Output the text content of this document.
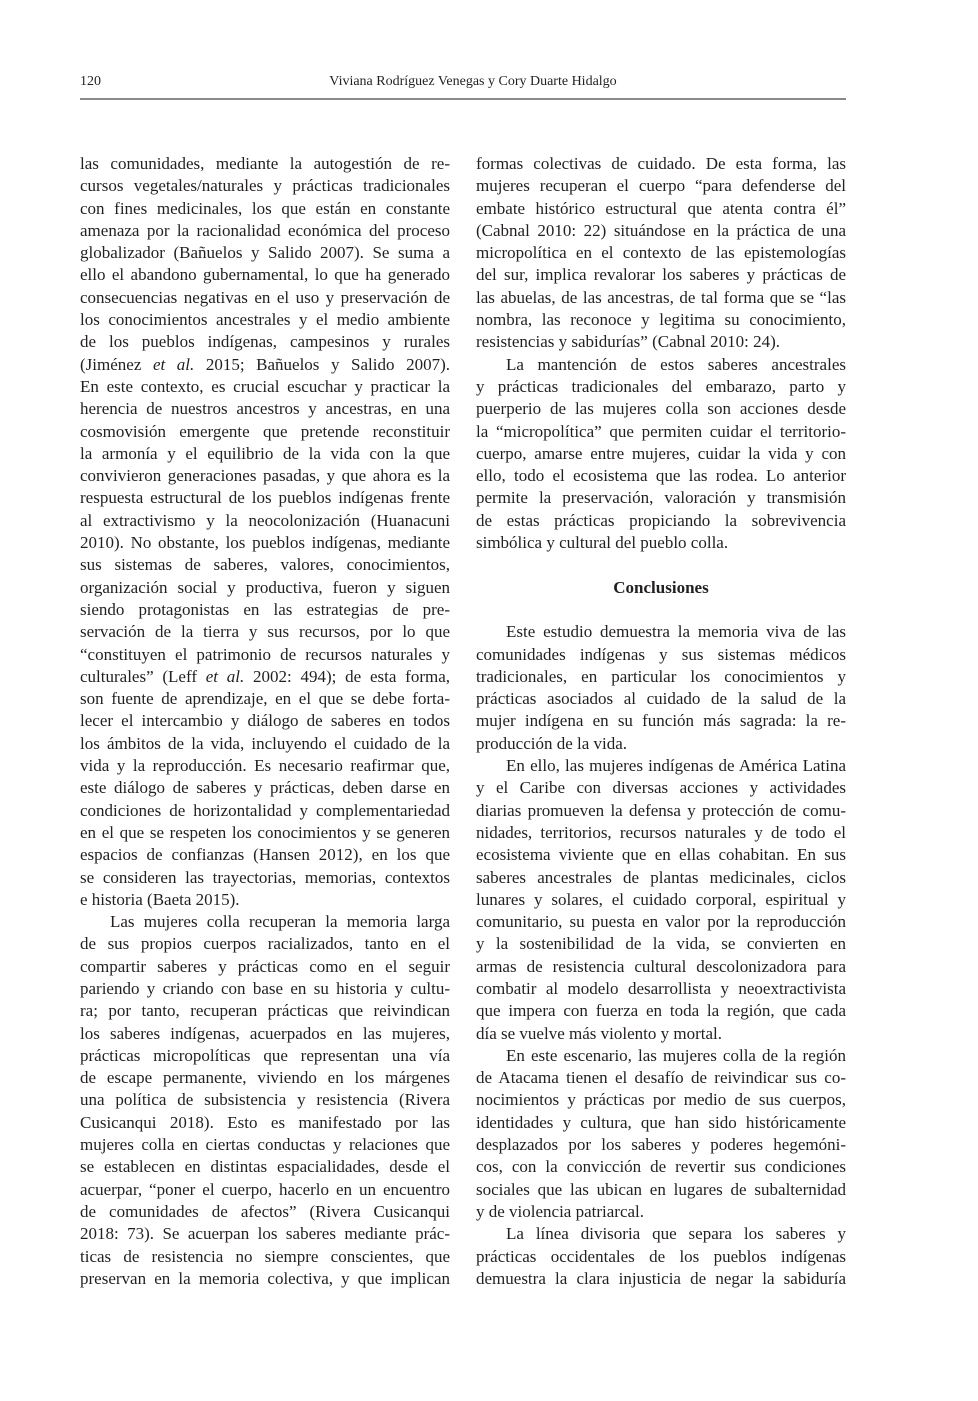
120	Viviana Rodríguez Venegas y Cory Duarte Hidalgo
las comunidades, mediante la autogestión de re-
cursos vegetales/naturales y prácticas tradicionales
con fines medicinales, los que están en constante
amenaza por la racionalidad económica del proceso
globalizador (Bañuelos y Salido 2007). Se suma a
ello el abandono gubernamental, lo que ha generado
consecuencias negativas en el uso y preservación de
los conocimientos ancestrales y el medio ambiente
de los pueblos indígenas, campesinos y rurales
(Jiménez et al. 2015; Bañuelos y Salido 2007).
En este contexto, es crucial escuchar y practicar la
herencia de nuestros ancestros y ancestras, en una
cosmovisión emergente que pretende reconstituir
la armonía y el equilibrio de la vida con la que
convivieron generaciones pasadas, y que ahora es la
respuesta estructural de los pueblos indígenas frente
al extractivismo y la neocolonización (Huanacuni
2010). No obstante, los pueblos indígenas, mediante
sus sistemas de saberes, valores, conocimientos,
organización social y productiva, fueron y siguen
siendo protagonistas en las estrategias de pre-
servación de la tierra y sus recursos, por lo que
“constituyen el patrimonio de recursos naturales y
culturales” (Leff et al. 2002: 494); de esta forma,
son fuente de aprendizaje, en el que se debe forta-
lecer el intercambio y diálogo de saberes en todos
los ámbitos de la vida, incluyendo el cuidado de la
vida y la reproducción. Es necesario reafirmar que,
este diálogo de saberes y prácticas, deben darse en
condiciones de horizontalidad y complementariedad
en el que se respeten los conocimientos y se generen
espacios de confianzas (Hansen 2012), en los que
se consideren las trayectorias, memorias, contextos
e historia (Baeta 2015).
Las mujeres colla recuperan la memoria larga
de sus propios cuerpos racializados, tanto en el
compartir saberes y prácticas como en el seguir
pariendo y criando con base en su historia y cultu-
ra; por tanto, recuperan prácticas que reivindican
los saberes indígenas, acuerpados en las mujeres,
prácticas micropolíticas que representan una vía
de escape permanente, viviendo en los márgenes
una política de subsistencia y resistencia (Rivera
Cusicanqui 2018). Esto es manifestado por las
mujeres colla en ciertas conductas y relaciones que
se establecen en distintas espacialidades, desde el
acuerpar, “poner el cuerpo, hacerlo en un encuentro
de comunidades de afectos” (Rivera Cusicanqui
2018: 73). Se acuerpan los saberes mediante prác-
ticas de resistencia no siempre conscientes, que
preservan en la memoria colectiva, y que implican
formas colectivas de cuidado. De esta forma, las
mujeres recuperan el cuerpo “para defenderse del
embate histórico estructural que atenta contra él”
(Cabnal 2010: 22) situándose en la práctica de una
micropolítica en el contexto de las epistemologías
del sur, implica revalorar los saberes y prácticas de
las abuelas, de las ancestras, de tal forma que se “las
nombra, las reconoce y legitima su conocimiento,
resistencias y sabidurías” (Cabnal 2010: 24).
La mantención de estos saberes ancestrales
y prácticas tradicionales del embarazo, parto y
puerperio de las mujeres colla son acciones desde
la “micropolítica” que permiten cuidar el territorio-
cuerpo, amarse entre mujeres, cuidar la vida y con
ello, todo el ecosistema que las rodea. Lo anterior
permite la preservación, valoración y transmisión
de estas prácticas propiciando la sobrevivencia
simbólica y cultural del pueblo colla.
Conclusiones
Este estudio demuestra la memoria viva de las
comunidades indígenas y sus sistemas médicos
tradicionales, en particular los conocimientos y
prácticas asociados al cuidado de la salud de la
mujer indígena en su función más sagrada: la re-
producción de la vida.
En ello, las mujeres indígenas de América Latina
y el Caribe con diversas acciones y actividades
diarias promueven la defensa y protección de comu-
nidades, territorios, recursos naturales y de todo el
ecosistema viviente que en ellas cohabitan. En sus
saberes ancestrales de plantas medicinales, ciclos
lunares y solares, el cuidado corporal, espiritual y
comunitario, su puesta en valor por la reproducción
y la sostenibilidad de la vida, se convierten en
armas de resistencia cultural descolonizadora para
combatir al modelo desarrollista y neoextractivista
que impera con fuerza en toda la región, que cada
día se vuelve más violento y mortal.
En este escenario, las mujeres colla de la región
de Atacama tienen el desafío de reivindicar sus co-
nocimientos y prácticas por medio de sus cuerpos,
identidades y cultura, que han sido históricamente
desplazados por los saberes y poderes hegemóni-
cos, con la convicción de revertir sus condiciones
sociales que las ubican en lugares de subalternidad
y de violencia patriarcal.
La línea divisoria que separa los saberes y
prácticas occidentales de los pueblos indígenas
demuestra la clara injusticia de negar la sabiduría
